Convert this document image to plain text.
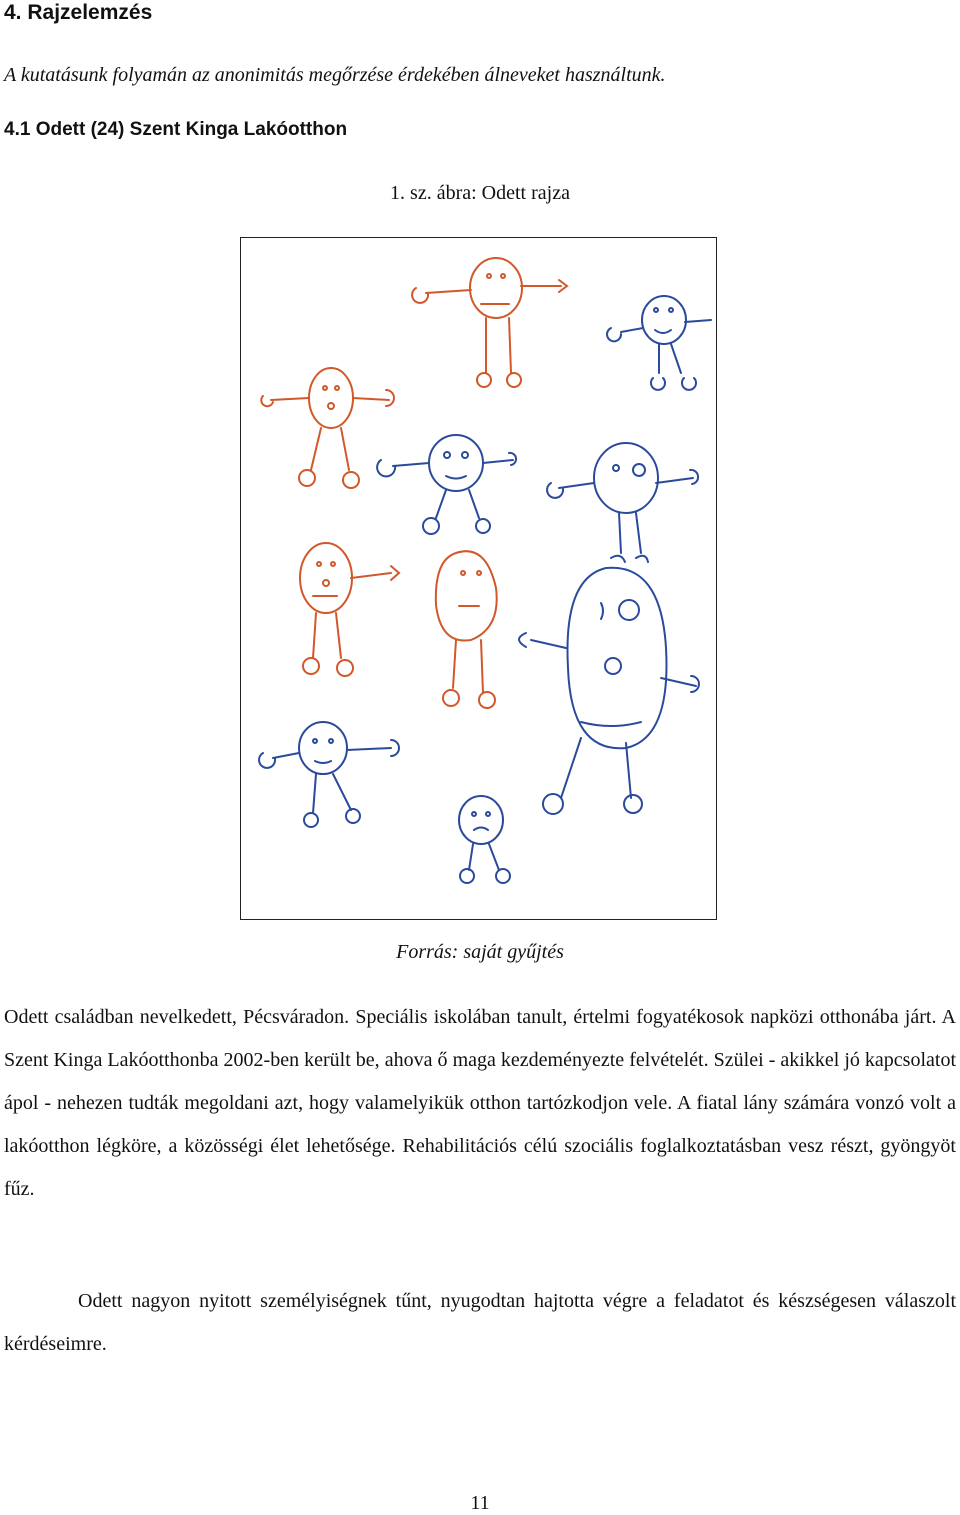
4. Rajzelemzés

A kutatásunk folyamán az anonimitás megőrzése érdekében álneveket használtunk.

4.1 Odett (24) Szent Kinga Lakóotthon

1. sz. ábra: Odett rajza

Forrás: saját gyűjtés

Odett családban nevelkedett, Pécsváradon. Speciális iskolában tanult, értelmi fogyatékosok napközi otthonába járt. A Szent Kinga Lakóotthonba 2002-ben került be, ahova ő maga kezdeményezte felvételét. Szülei - akikkel jó kapcsolatot ápol - nehezen tudták megoldani azt, hogy valamelyikük otthon tartózkodjon vele. A fiatal lány számára vonzó volt a lakóotthon légköre, a közösségi élet lehetősége. Rehabilitációs célú szociális foglalkoztatásban vesz részt, gyöngyöt fűz.

Odett nagyon nyitott személyiségnek tűnt, nyugodtan hajtotta végre a feladatot és készségesen válaszolt kérdéseimre.

11
